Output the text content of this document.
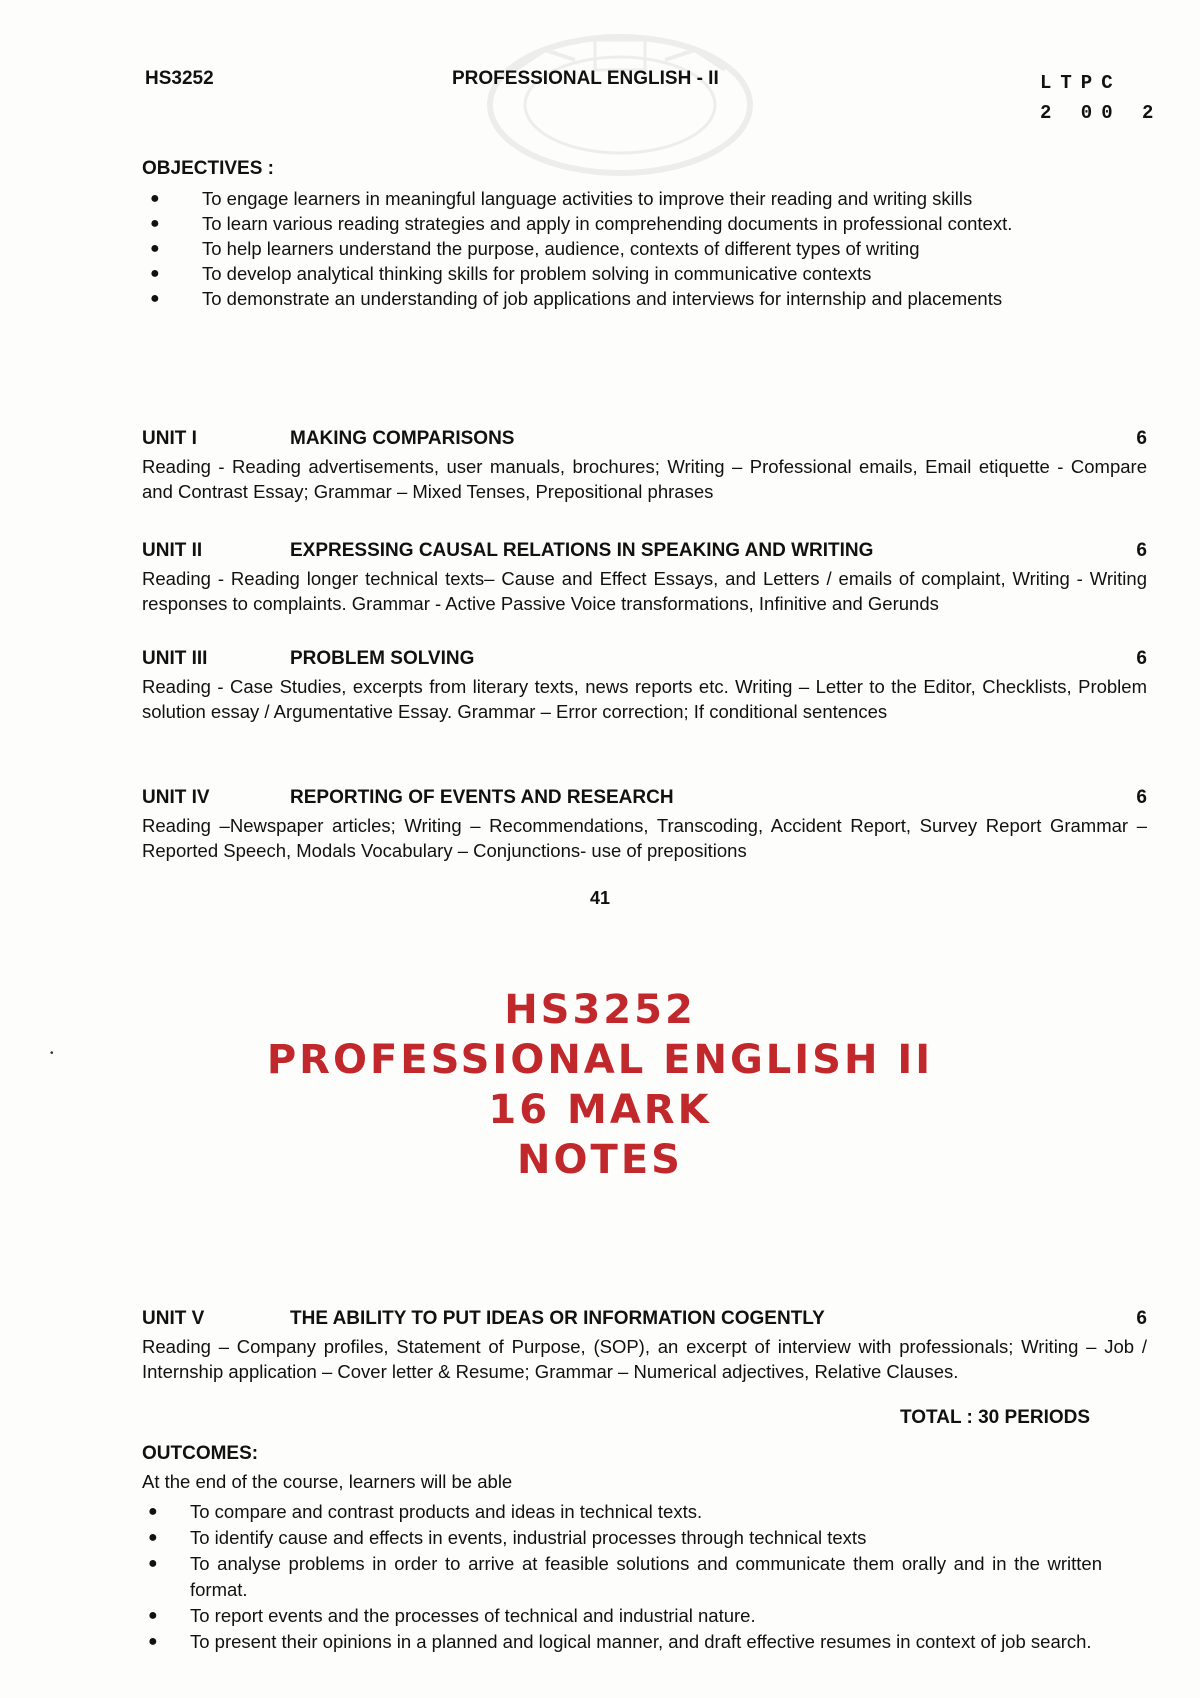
HS3252	PROFESSIONAL ENGLISH - II	LTPC
2 00 2

OBJECTIVES :

● To engage learners in meaningful language activities to improve their reading and writing skills
● To learn various reading strategies and apply in comprehending documents in professional context.
● To help learners understand the purpose, audience, contexts of different types of writing
● To develop analytical thinking skills for problem solving in communicative contexts
● To demonstrate an understanding of job applications and interviews for internship and placements
UNIT I	MAKING COMPARISONS	6
Reading - Reading advertisements, user manuals, brochures; Writing – Professional emails, Email etiquette - Compare and Contrast Essay; Grammar – Mixed Tenses, Prepositional phrases
UNIT II	EXPRESSING CAUSAL RELATIONS IN SPEAKING AND WRITING	6
Reading - Reading longer technical texts– Cause and Effect Essays, and Letters / emails of complaint, Writing - Writing responses to complaints. Grammar - Active Passive Voice transformations, Infinitive and Gerunds
UNIT III	PROBLEM SOLVING	6
Reading - Case Studies, excerpts from literary texts, news reports etc. Writing – Letter to the Editor, Checklists, Problem solution essay / Argumentative Essay. Grammar – Error correction; If conditional sentences
UNIT IV	REPORTING OF EVENTS AND RESEARCH	6
Reading –Newspaper articles; Writing – Recommendations, Transcoding, Accident Report, Survey Report Grammar – Reported Speech, Modals Vocabulary – Conjunctions- use of prepositions
41
HS3252
PROFESSIONΑL ENGLISH II
16 MΑRK
NOTES
•
UNIT V	THE ABILITY TO PUT IDEAS OR INFORMATION COGENTLY	6
Reading – Company profiles, Statement of Purpose, (SOP), an excerpt of interview with professionals; Writing – Job / Internship application – Cover letter & Resume; Grammar – Numerical adjectives, Relative Clauses.
TOTAL : 30 PERIODS

OUTCOMES:

At the end of the course, learners will be able
● To compare and contrast products and ideas in technical texts.
● To identify cause and effects in events, industrial processes through technical texts
● To analyse problems in order to arrive at feasible solutions and communicate them orally and in the written format.
● To report events and the processes of technical and industrial nature.
● To present their opinions in a planned and logical manner, and draft effective resumes in context of job search.
